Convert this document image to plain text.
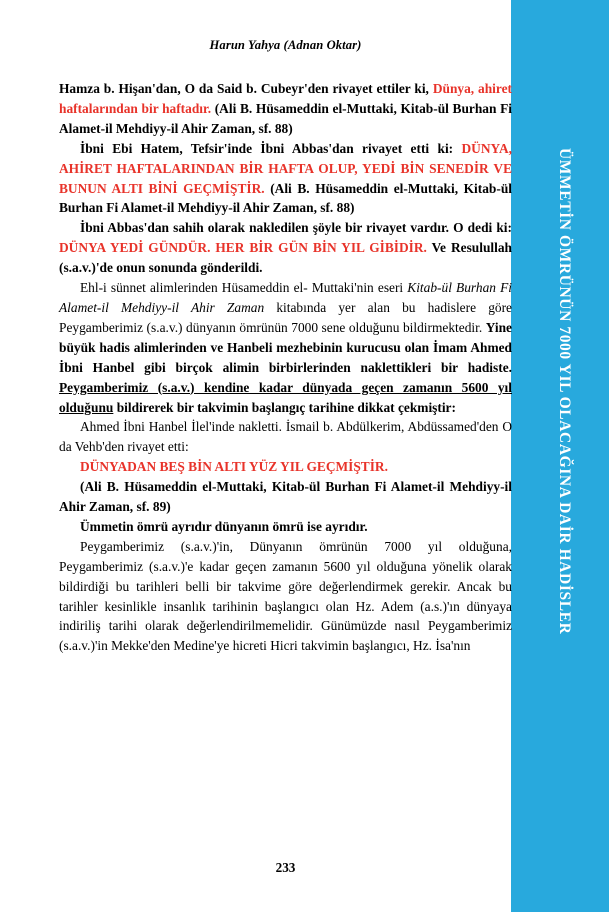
ÜMMETİN ÖMRÜNÜN 7000 YIL OLACAĞINA DAİR HADİSLER
Harun Yahya (Adnan Oktar)

Hamza b. Hişan'dan, O da Said b. Cubeyr'den rivayet ettiler ki, Dünya, ahiret haftalarından bir haftadır. (Ali B. Hüsameddin el-Muttaki, Kitab-ül Burhan Fi Alamet-il Mehdiyy-il Ahir Zaman, sf. 88)

İbni Ebi Hatem, Tefsir'inde İbni Abbas'dan rivayet etti ki: DÜNYA, AHİRET HAFTALARINDAN BİR HAFTA OLUP, YEDİ BİN SENEDİR VE BUNUN ALTI BİNİ GEÇMİŞTİR. (Ali B. Hüsameddin el-Muttaki, Kitab-ül Burhan Fi Alamet-il Mehdiyy-il Ahir Zaman, sf. 88)

İbni Abbas'dan sahih olarak nakledilen şöyle bir rivayet vardır. O dedi ki: DÜNYA YEDİ GÜNDÜR. HER BİR GÜN BİN YIL GİBİDİR. Ve Resulullah (s.a.v.)'de onun sonunda gönderildi.

Ehl-i sünnet alimlerinden Hüsameddin el- Muttaki'nin eseri Kitab-ül Burhan Fi Alamet-il Mehdiyy-il Ahir Zaman kitabında yer alan bu hadislere göre Peygamberimiz (s.a.v.) dünyanın ömrünün 7000 sene olduğunu bildirmektedir. Yine büyük hadis alimlerinden ve Hanbeli mezhebinin kurucusu olan İmam Ahmed İbni Hanbel gibi birçok alimin birbirlerinden naklettikleri bir hadiste. Peygamberimiz (s.a.v.) kendine kadar dünyada geçen zamanın 5600 yıl olduğunu bildirerek bir takvimin başlangıç tarihine dikkat çekmiştir:

Ahmed İbni Hanbel İlel'inde nakletti. İsmail b. Abdülkerim, Abdüssamed'den O da Vehb'den rivayet etti:

DÜNYADAN BEŞ BİN ALTI YÜZ YIL GEÇMİŞTİR.

(Ali B. Hüsameddin el-Muttaki, Kitab-ül Burhan Fi Alamet-il Mehdiyy-il Ahir Zaman, sf. 89)

Ümmetin ömrü ayrıdır dünyanın ömrü ise ayrıdır.

Peygamberimiz (s.a.v.)'in, Dünyanın ömrünün 7000 yıl olduğuna, Peygamberimiz (s.a.v.)'e kadar geçen zamanın 5600 yıl olduğuna yönelik olarak bildirdiği bu tarihleri belli bir takvime göre değerlendirmek gerekir. Ancak bu tarihler kesinlikle insanlık tarihinin başlangıcı olan Hz. Adem (a.s.)'ın dünyaya indiriliş tarihi olarak değerlendirilmemelidir. Günümüzde nasıl Peygamberimiz (s.a.v.)'in Mekke'den Medine'ye hicreti Hicri takvimin başlangıcı, Hz. İsa'nın

233
